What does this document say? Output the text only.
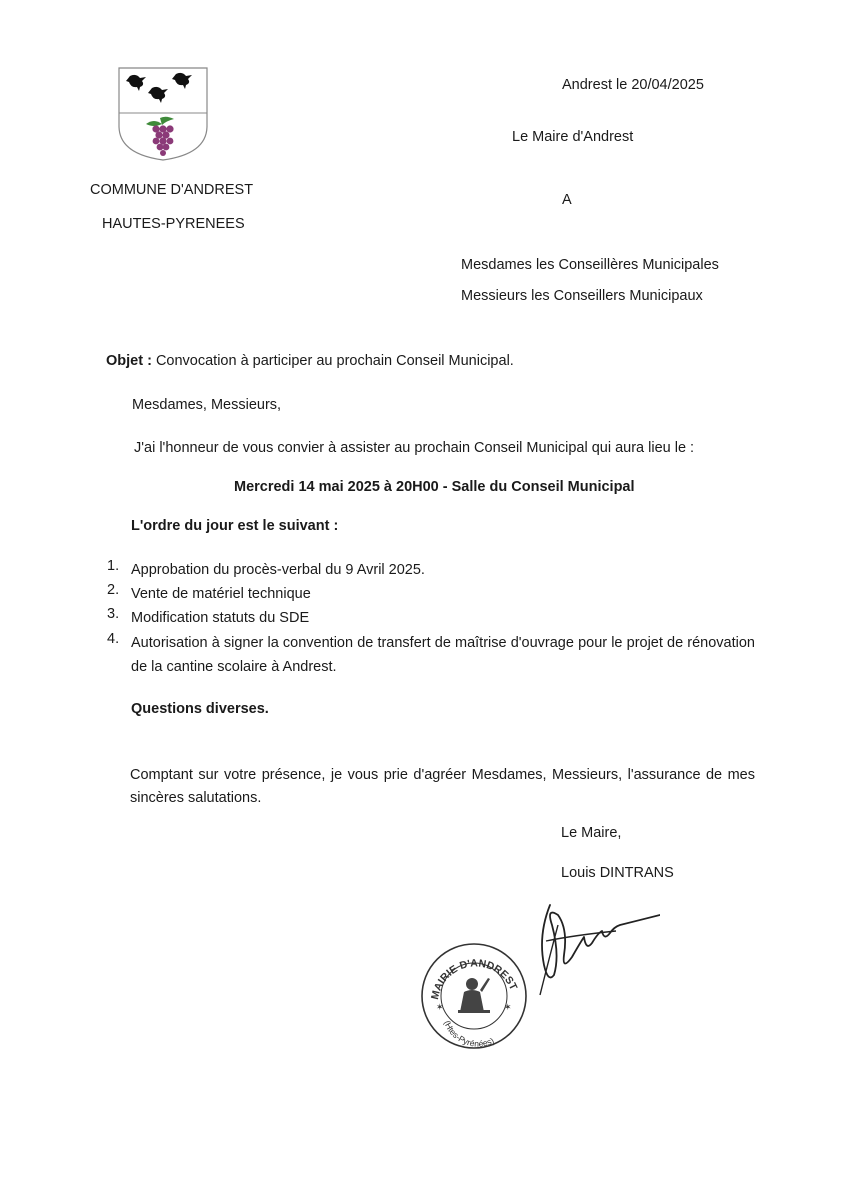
COMMUNE D'ANDREST
HAUTES-PYRENEES
Andrest le 20/04/2025
Le Maire d'Andrest
A
Mesdames les Conseillères Municipales
Messieurs les Conseillers Municipaux
Objet : Convocation à participer au prochain Conseil Municipal.
Mesdames, Messieurs,
J'ai l'honneur de vous convier à assister au prochain Conseil Municipal qui aura lieu le :
Mercredi 14 mai 2025 à 20H00 - Salle du Conseil Municipal
L'ordre du jour est le suivant :
1. Approbation du procès-verbal du 9 Avril 2025.
2. Vente de matériel technique
3. Modification statuts du SDE
4. Autorisation à signer la convention de transfert de maîtrise d'ouvrage pour le projet de rénovation de la cantine scolaire à Andrest.
Questions diverses.
Comptant sur votre présence, je vous prie d'agréer Mesdames, Messieurs, l'assurance de mes sincères salutations.
Le Maire,
Louis DINTRANS
MAIRIE D'ANDREST
(Htes-Pyrénées)
✶	✶
